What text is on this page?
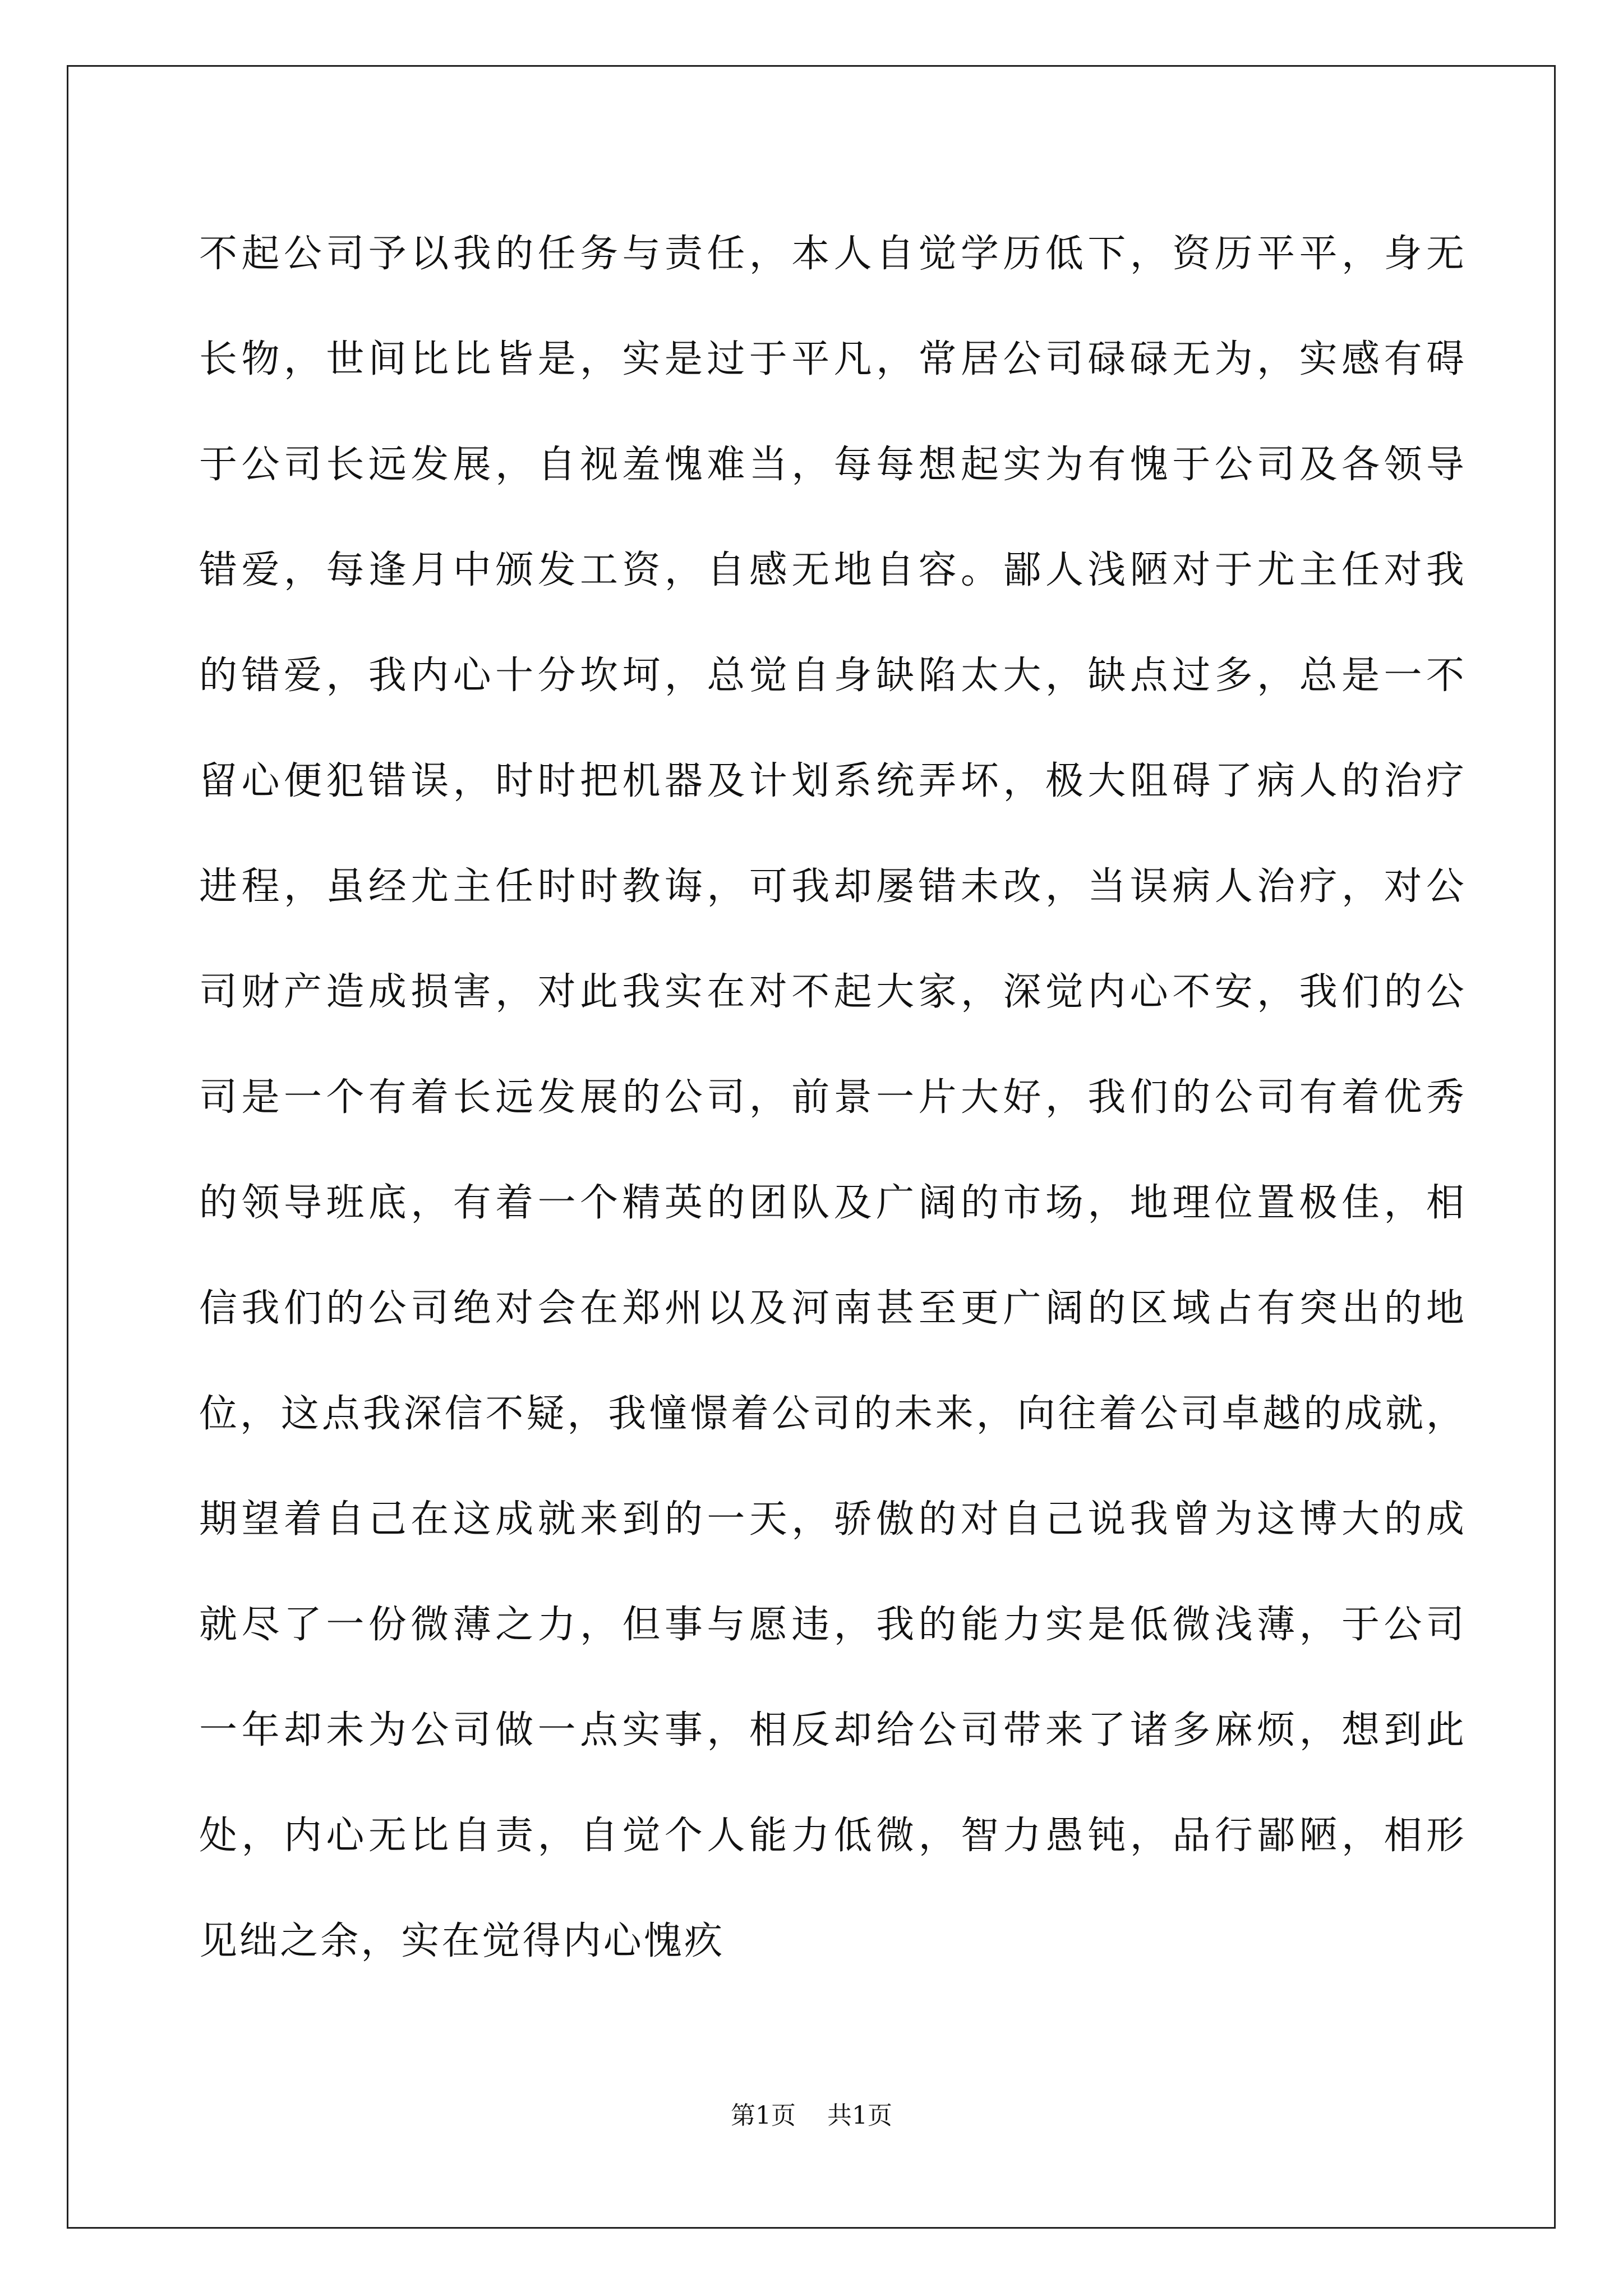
不起公司予以我的任务与责任，本人自觉学历低下，资历平平，身无
长物，世间比比皆是，实是过于平凡，常居公司碌碌无为，实感有碍
于公司长远发展，自视羞愧难当，每每想起实为有愧于公司及各领导
错爱，每逢月中颁发工资，自感无地自容。鄙人浅陋对于尤主任对我
的错爱，我内心十分坎坷，总觉自身缺陷太大，缺点过多，总是一不
留心便犯错误，时时把机器及计划系统弄坏，极大阻碍了病人的治疗
进程，虽经尤主任时时教诲，可我却屡错未改，当误病人治疗，对公
司财产造成损害，对此我实在对不起大家，深觉内心不安，我们的公
司是一个有着长远发展的公司，前景一片大好，我们的公司有着优秀
的领导班底，有着一个精英的团队及广阔的市场，地理位置极佳，相
信我们的公司绝对会在郑州以及河南甚至更广阔的区域占有突出的地
位，这点我深信不疑，我憧憬着公司的未来，向往着公司卓越的成就，
期望着自己在这成就来到的一天，骄傲的对自己说我曾为这博大的成
就尽了一份微薄之力，但事与愿违，我的能力实是低微浅薄，于公司
一年却未为公司做一点实事，相反却给公司带来了诸多麻烦，想到此
处，内心无比自责，自觉个人能力低微，智力愚钝，品行鄙陋，相形
见绌之余，实在觉得内心愧疚
第1页 共1页
